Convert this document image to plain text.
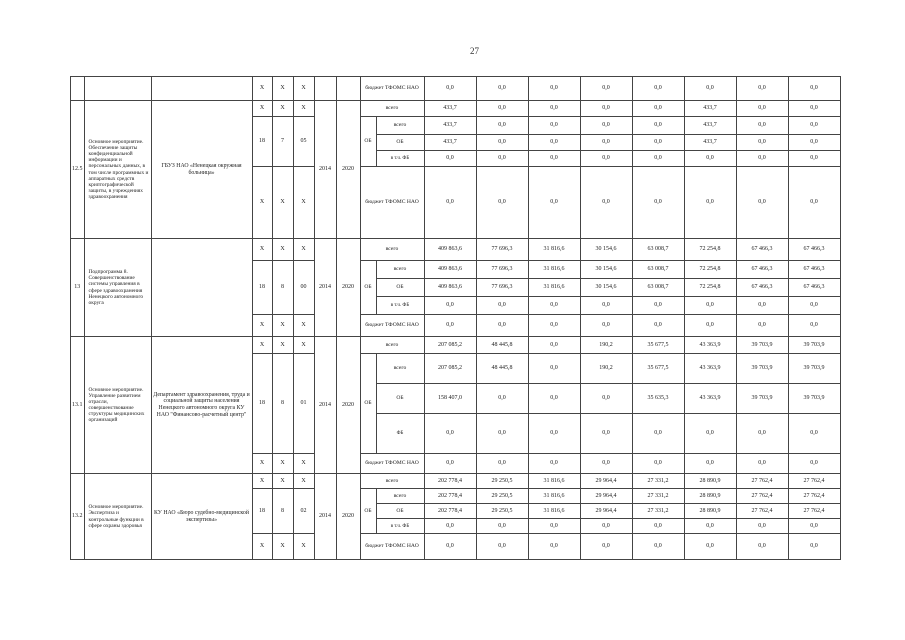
27
			Х	Х	Х			бюджет ТФОМС НАО		0,0	0,0	0,0	0,0	0,0	0,0	0,0	0,0
12.5	Основное мероприятие. Обеспечение защиты конфиденциальной информации и персональных данных, в том числе программных и аппаратных средств криптографической защиты, в учреждениях здравоохранения	ГБУЗ НАО «Ненецкая окружная больница»	Х	Х	Х	2014	2020	всего		433,7	0,0	0,0	0,0	0,0	433,7	0,0	0,0
			18	7	05			ОБ	всего	433,7	0,0	0,0	0,0	0,0	433,7	0,0	0,0
									ОБ	433,7	0,0	0,0	0,0	0,0	433,7	0,0	0,0
									в т.ч. ФБ	0,0	0,0	0,0	0,0	0,0	0,0	0,0	0,0
			Х	Х	Х			бюджет ТФОМС НАО		0,0	0,0	0,0	0,0	0,0	0,0	0,0	0,0
13	Подпрограмма 8. Совершенствование системы управления в сфере здравоохранения Ненецкого автономного округа		Х	Х	Х	2014	2020	всего		409 863,6	77 696,3	31 816,6	30 154,6	63 008,7	72 254,8	67 466,3	67 466,3
			18	8	00			ОБ	всего	409 863,6	77 696,3	31 816,6	30 154,6	63 008,7	72 254,8	67 466,3	67 466,3
									ОБ	409 863,6	77 696,3	31 816,6	30 154,6	63 008,7	72 254,8	67 466,3	67 466,3
									в т.ч. ФБ	0,0	0,0	0,0	0,0	0,0	0,0	0,0	0,0
			Х	Х	Х			бюджет ТФОМС НАО		0,0	0,0	0,0	0,0	0,0	0,0	0,0	0,0
13.1	Основное мероприятие. Управление развитием отрасли, совершенствование структуры медицинских организаций	Департамент здравоохранения, труда и социальной защиты населения Ненецкого автономного округа КУ НАО "Финансово-расчетный центр"	Х	Х	Х	2014	2020	всего		207 085,2	48 445,8	0,0	190,2	35 677,5	43 363,9	39 703,9	39 703,9
			18	8	01			ОБ	всего	207 085,2	48 445,8	0,0	190,2	35 677,5	43 363,9	39 703,9	39 703,9
									ОБ	158 407,0	0,0	0,0	0,0	35 635,3	43 363,9	39 703,9	39 703,9
									ФБ	0,0	0,0	0,0	0,0	0,0	0,0	0,0	0,0
			Х	Х	Х			бюджет ТФОМС НАО		0,0	0,0	0,0	0,0	0,0	0,0	0,0	0,0
13.2	Основное мероприятие. Экспертиза и контрольные функции в сфере охраны здоровья	КУ НАО «Бюро судебно-медицинской экспертизы»	Х	Х	Х	2014	2020	всего		202 778,4	29 250,5	31 816,6	29 964,4	27 331,2	28 890,9	27 762,4	27 762,4
			18	8	02			ОБ	всего	202 778,4	29 250,5	31 816,6	29 964,4	27 331,2	28 890,9	27 762,4	27 762,4
									ОБ	202 778,4	29 250,5	31 816,6	29 964,4	27 331,2	28 890,9	27 762,4	27 762,4
									в т.ч. ФБ	0,0	0,0	0,0	0,0	0,0	0,0	0,0	0,0
			Х	Х	Х			бюджет ТФОМС НАО		0,0	0,0	0,0	0,0	0,0	0,0	0,0	0,0
